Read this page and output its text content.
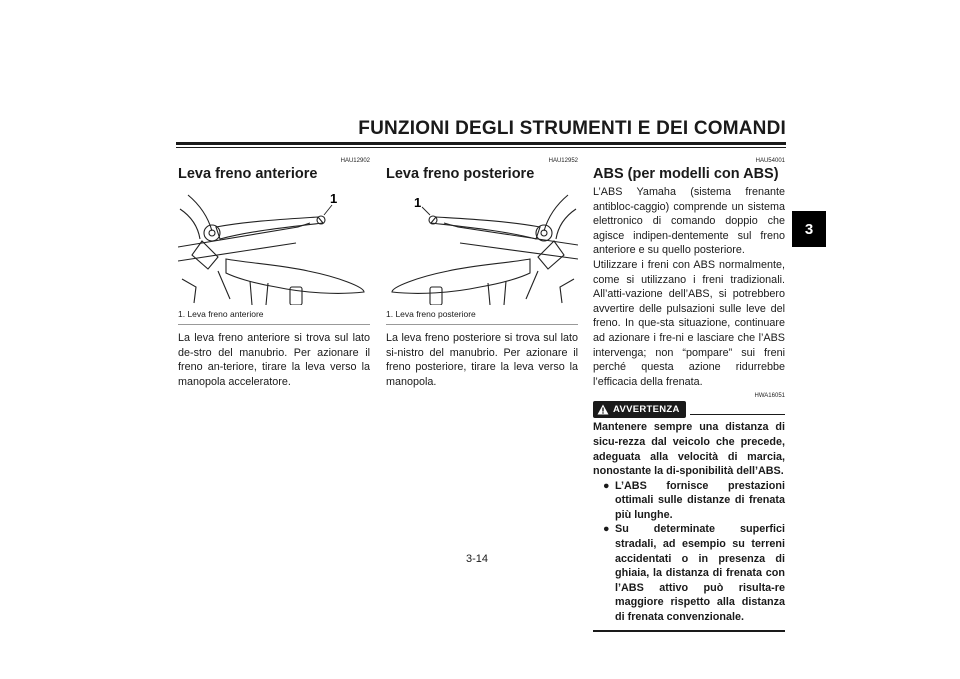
FUNZIONI DEGLI STRUMENTI E DEI COMANDI
3
HAU12902
Leva freno anteriore
1
1. Leva freno anteriore
La leva freno anteriore si trova sul lato de-stro del manubrio. Per azionare il freno an-teriore, tirare la leva verso la manopola acceleratore.
HAU12952
Leva freno posteriore
1
1. Leva freno posteriore
La leva freno posteriore si trova sul lato si-nistro del manubrio. Per azionare il freno posteriore, tirare la leva verso la manopola.
HAU54001
ABS (per modelli con ABS)
L’ABS Yamaha (sistema frenante antibloc-caggio) comprende un sistema elettronico di comando doppio che agisce indipen-dentemente sul freno anteriore e su quello posteriore.
Utilizzare i freni con ABS normalmente, come si utilizzano i freni tradizionali. All’atti-vazione dell’ABS, si potrebbero avvertire delle pulsazioni sulle leve del freno. In que-sta situazione, continuare ad azionare i fre-ni e lasciare che l’ABS intervenga; non “pompare” sui freni perché questa azione ridurrebbe l’efficacia della frenata.
HWA16051
AVVERTENZA
Mantenere sempre una distanza di sicu-rezza dal veicolo che precede, adeguata alla velocità di marcia, nonostante la di-sponibilità dell’ABS.
● L’ABS fornisce prestazioni ottimali sulle distanze di frenata più lunghe.
● Su determinate superfici stradali, ad esempio su terreni accidentati o in presenza di ghiaia, la distanza di frenata con l’ABS attivo può risulta-re maggiore rispetto alla distanza di frenata convenzionale.
3-14
